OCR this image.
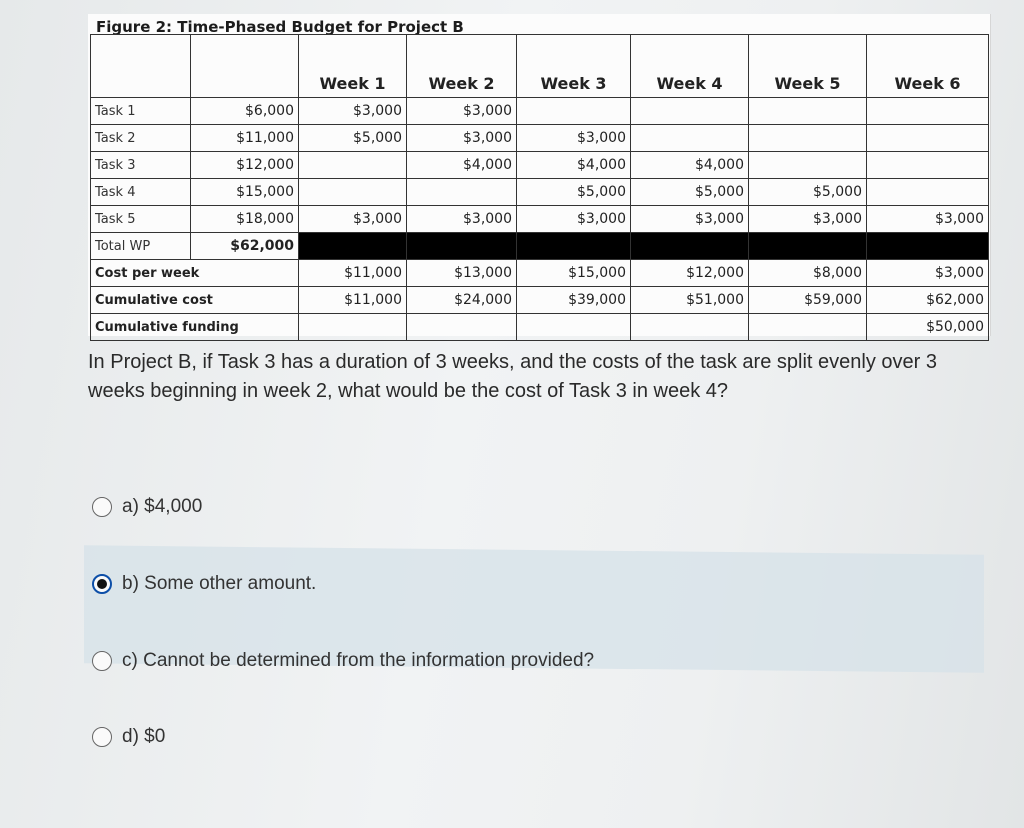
Figure 2: Time-Phased Budget for Project B
		Week 1	Week 2	Week 3	Week 4	Week 5	Week 6
Task 1	$6,000	$3,000	$3,000				
Task 2	$11,000	$5,000	$3,000	$3,000			
Task 3	$12,000		$4,000	$4,000	$4,000		
Task 4	$15,000			$5,000	$5,000	$5,000	
Task 5	$18,000	$3,000	$3,000	$3,000	$3,000	$3,000	$3,000
Total WP	$62,000						
Cost per week		$11,000	$13,000	$15,000	$12,000	$8,000	$3,000
Cumulative cost		$11,000	$24,000	$39,000	$51,000	$59,000	$62,000
Cumulative funding							$50,000
In Project B, if Task 3 has a duration of 3 weeks, and the costs of the task are split evenly over 3 weeks beginning in week 2, what would be the cost of Task 3 in week 4?
a) $4,000
b) Some other amount.
c) Cannot be determined from the information provided?
d) $0
